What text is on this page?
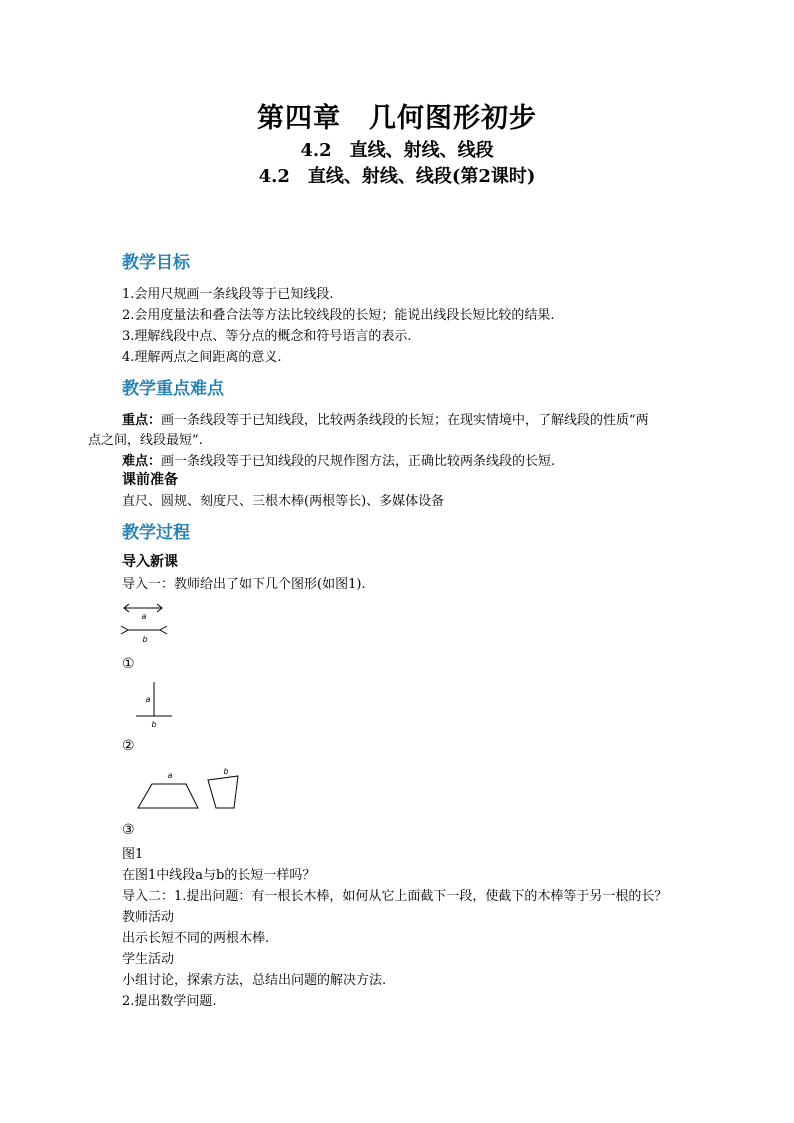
第四章　几何图形初步
4.2　直线、射线、线段
4.2　直线、射线、线段(第2课时)
教学目标
1.会用尺规画一条线段等于已知线段.
2.会用度量法和叠合法等方法比较线段的长短；能说出线段长短比较的结果.
3.理解线段中点、等分点的概念和符号语言的表示.
4.理解两点之间距离的意义.
教学重点难点
重点：画一条线段等于已知线段，比较两条线段的长短；在现实情境中，了解线段的性质“两
点之间，线段最短”.
难点：画一条线段等于已知线段的尺规作图方法，正确比较两条线段的长短.
课前准备
直尺、圆规、刻度尺、三根木棒(两根等长)、多媒体设备
教学过程
导入新课
导入一：教师给出了如下几个图形(如图1).
a
b
①
a
b
②
a	b
③
图1
在图1中线段a与b的长短一样吗？
导入二：1.提出问题：有一根长木棒，如何从它上面截下一段，使截下的木棒等于另一根的长？
教师活动
出示长短不同的两根木棒.
学生活动
小组讨论，探索方法，总结出问题的解决方法.
2.提出数学问题.
